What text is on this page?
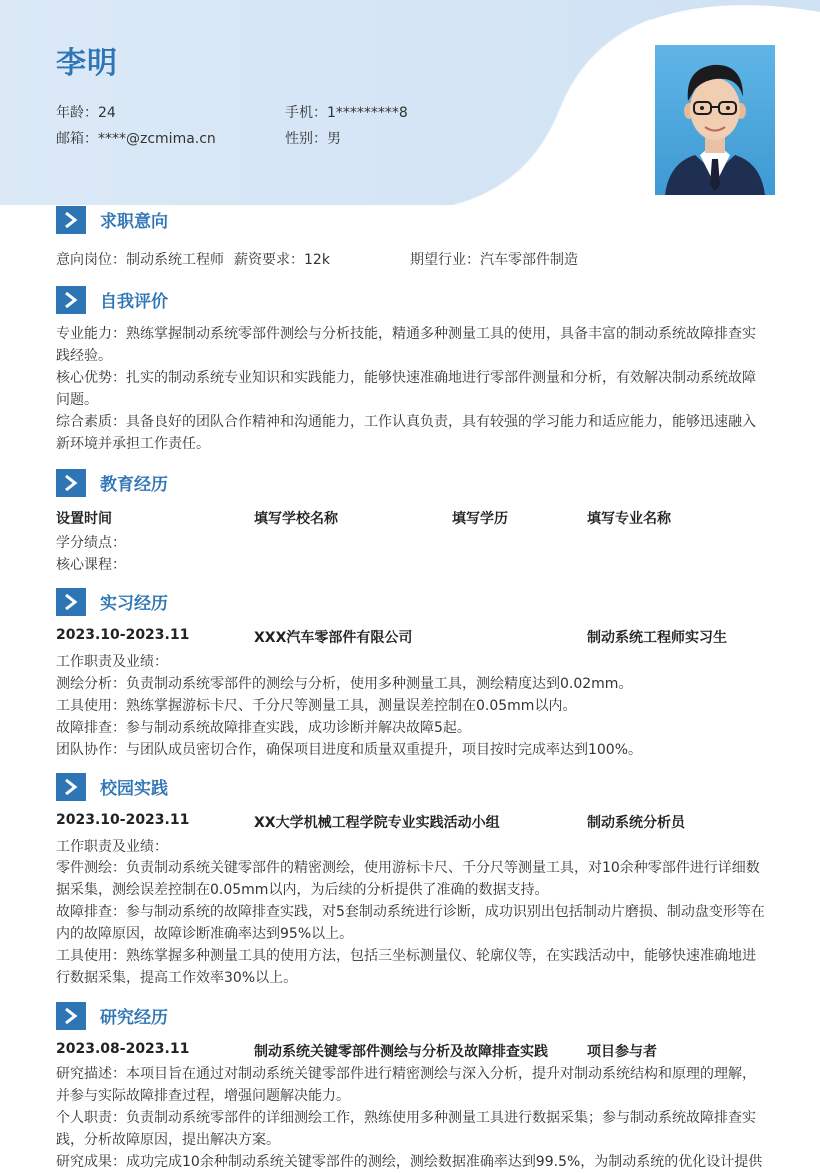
李明
年龄：24	手机：1*********8
邮箱：****@zcmima.cn	性别：男
求职意向
意向岗位：制动系统工程师 薪资要求：12k	期望行业：汽车零部件制造
自我评价
专业能力：熟练掌握制动系统零部件测绘与分析技能，精通多种测量工具的使用，具备丰富的制动系统故障排查实践经验。
核心优势：扎实的制动系统专业知识和实践能力，能够快速准确地进行零部件测量和分析，有效解决制动系统故障问题。
综合素质：具备良好的团队合作精神和沟通能力，工作认真负责，具有较强的学习能力和适应能力，能够迅速融入新环境并承担工作责任。
教育经历
设置时间	填写学校名称	填写学历	填写专业名称
学分绩点：
核心课程：
实习经历
2023.10-2023.11	XXX汽车零部件有限公司	制动系统工程师实习生
工作职责及业绩：
测绘分析：负责制动系统零部件的测绘与分析，使用多种测量工具，测绘精度达到0.02mm。
工具使用：熟练掌握游标卡尺、千分尺等测量工具，测量误差控制在0.05mm以内。
故障排查：参与制动系统故障排查实践，成功诊断并解决故障5起。
团队协作：与团队成员密切合作，确保项目进度和质量双重提升，项目按时完成率达到100%。
校园实践
2023.10-2023.11	XX大学机械工程学院专业实践活动小组	制动系统分析员
工作职责及业绩：
零件测绘：负责制动系统关键零部件的精密测绘，使用游标卡尺、千分尺等测量工具，对10余种零部件进行详细数据采集，测绘误差控制在0.05mm以内，为后续的分析提供了准确的数据支持。
故障排查：参与制动系统的故障排查实践，对5套制动系统进行诊断，成功识别出包括制动片磨损、制动盘变形等在内的故障原因，故障诊断准确率达到95%以上。
工具使用：熟练掌握多种测量工具的使用方法，包括三坐标测量仪、轮廓仪等，在实践活动中，能够快速准确地进行数据采集，提高工作效率30%以上。
研究经历
2023.08-2023.11	制动系统关键零部件测绘与分析及故障排查实践	项目参与者
研究描述：本项目旨在通过对制动系统关键零部件进行精密测绘与深入分析，提升对制动系统结构和原理的理解，并参与实际故障排查过程，增强问题解决能力。
个人职责：负责制动系统零部件的详细测绘工作，熟练使用多种测量工具进行数据采集；参与制动系统故障排查实践，分析故障原因，提出解决方案。
研究成果：成功完成10余种制动系统关键零部件的测绘，测绘数据准确率达到99.5%，为制动系统的优化设计提供
